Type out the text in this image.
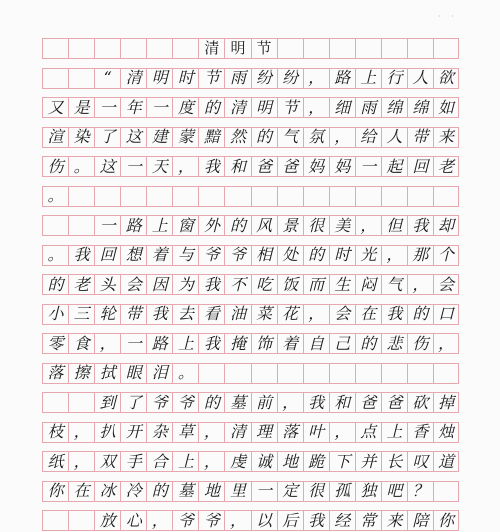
· ·
清 明 节
“ 清 明 时 节 雨 纷 纷 ， 路 上 行 人 欲
又 是 一 年 一 度 的 清 明 节 ， 细 雨 绵 绵 如
渲 染 了 这 建 蒙 黯 然 的 气 氛 ， 给 人 带 来
伤 。 这 一 天 ， 我 和 爸 爸 妈 妈 一 起 回 老
。
一 路 上 窗 外 的 风 景 很 美 ， 但 我 却
。 我 回 想 着 与 爷 爷 相 处 的 时 光 ， 那 个
的 老 头 会 因 为 我 不 吃 饭 而 生 闷 气 ， 会
小 三 轮 带 我 去 看 油 菜 花 ， 会 在 我 的 口
零 食 ， 一 路 上 我 掩 饰 着 自 己 的 悲 伤 ，
落 擦 拭 眼 泪 。
到 了 爷 爷 的 墓 前 ， 我 和 爸 爸 砍 掉
枝 ， 扒 开 杂 草 ， 清 理 落 叶 ， 点 上 香 烛
纸 ， 双 手 合 上 ， 虔 诚 地 跪 下 并 长 叹 道
你 在 冰 冷 的 墓 地 里 一 定 很 孤 独 吧 ？
放 心 ， 爷 爷 ， 以 后 我 经 常 来 陪 你
